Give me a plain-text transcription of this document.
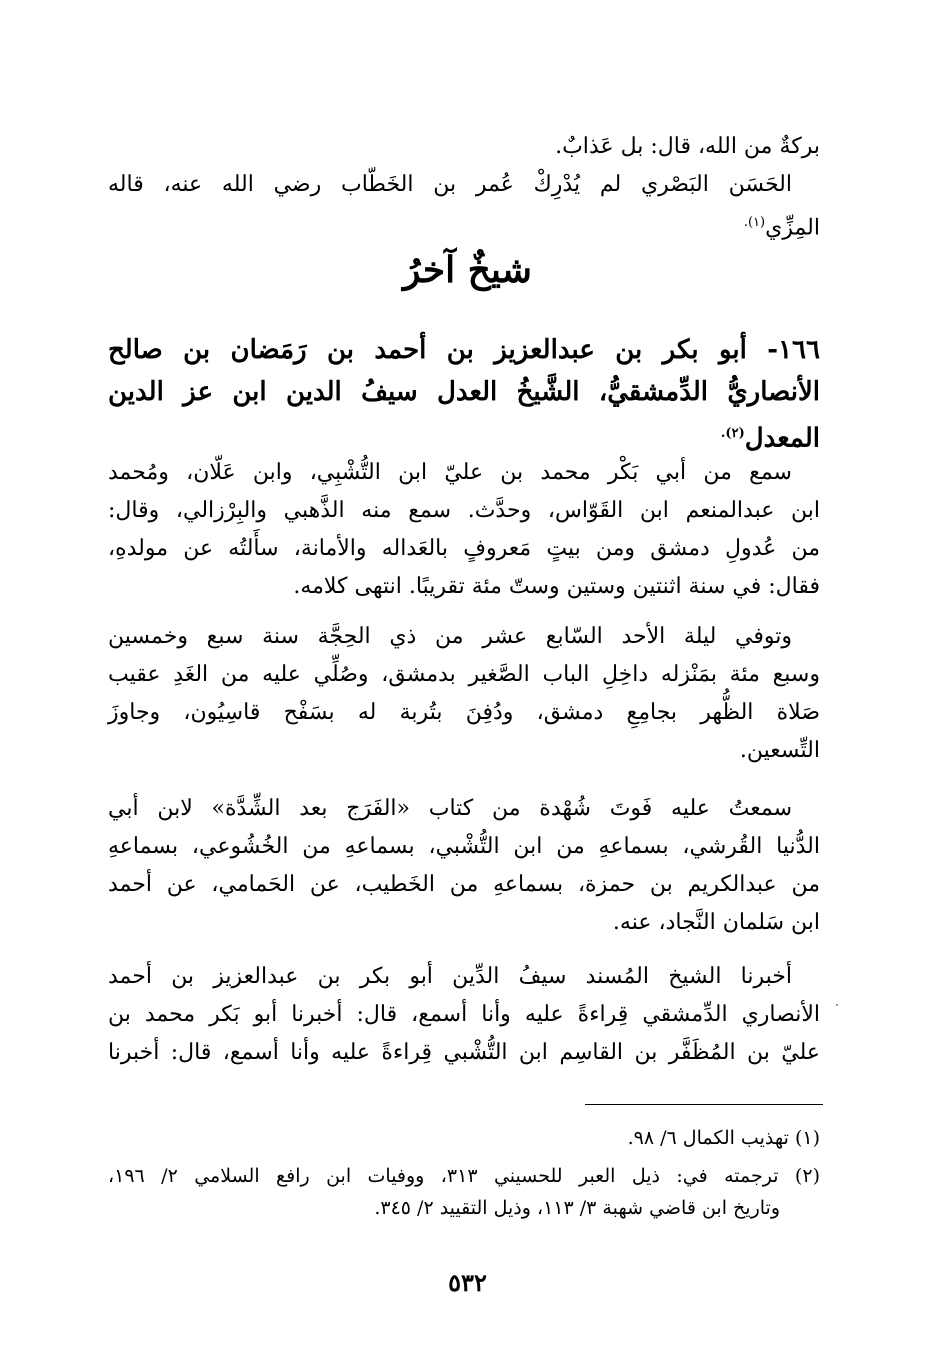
بركةٌ من الله، قال: بل عَذابٌ.
الحَسَن البَصْري لم يُدْرِكْ عُمر بن الخَطّاب رضي الله عنه، قاله
المِزِّي$^{(١).}$
شيخٌ آخرُ
١٦٦- أبو بكر بن عبدالعزيز بن أحمد بن رَمَضان بن صالح
الأنصاريُّ الدِّمشقيُّ، الشَّيخُ العدل سيفُ الدين ابن عز الدين
المعدل$^{(٢).}$
سمع من أبي بَكْر محمد بن عليّ ابن التُّشْبِي، وابن عَلّان، ومُحمد
ابن عبدالمنعم ابن القَوّاس، وحدَّث. سمع منه الذَّهبي والبِرْزالي، وقال:
من عُدولِ دمشق ومن بيتٍ مَعروفٍ بالعَداله والأمانة، سأَلتُه عن مولدهِ،
فقال: في سنة اثنتين وستين وستّ مئة تقريبًا. انتهى كلامه.
وتوفي ليلة الأحد السّابع عشر من ذي الحِجَّة سنة سبع وخمسين
وسبع مئة بمَنْزله داخِلِ الباب الصَّغير بدمشق، وصُلِّي عليه من الغَدِ عقيب
صَلاة الظُّهر بجامِعِ دمشق، ودُفِنَ بتُربة له بسَفْح قاسِيُون، وجاوزَ
التِّسعين.
سمعتُ عليه فَوتَ شُهْدة من كتاب «الفَرَج بعد الشِّدَّة» لابن أبي
الدُّنيا القُرشي، بسماعهِ من ابن التُّشْبي، بسماعهِ من الخُشُوعي، بسماعهِ
من عبدالكريم بن حمزة، بسماعهِ من الخَطيب، عن الحَمامي، عن أحمد
ابن سَلمان النَّجاد، عنه.
أخبرنا الشيخ المُسند سيفُ الدِّين أبو بكر بن عبدالعزيز بن أحمد
الأنصاري الدِّمشقي قِراءةً عليه وأنا أسمع، قال: أخبرنا أبو بَكر محمد بن
عليّ بن المُظَفَّر بن القاسِم ابن التُّشْبي قِراءةً عليه وأنا أسمع، قال: أخبرنا
(١) تهذيب الكمال ٦/ ٩٨.
(٢) ترجمته في: ذيل العبر للحسيني ٣١٣، ووفيات ابن رافع السلامي ٢/ ١٩٦،
وتاريخ ابن قاضي شهبة ٣/ ١١٣، وذيل التقييد ٢/ ٣٤٥.
٥٣٢
